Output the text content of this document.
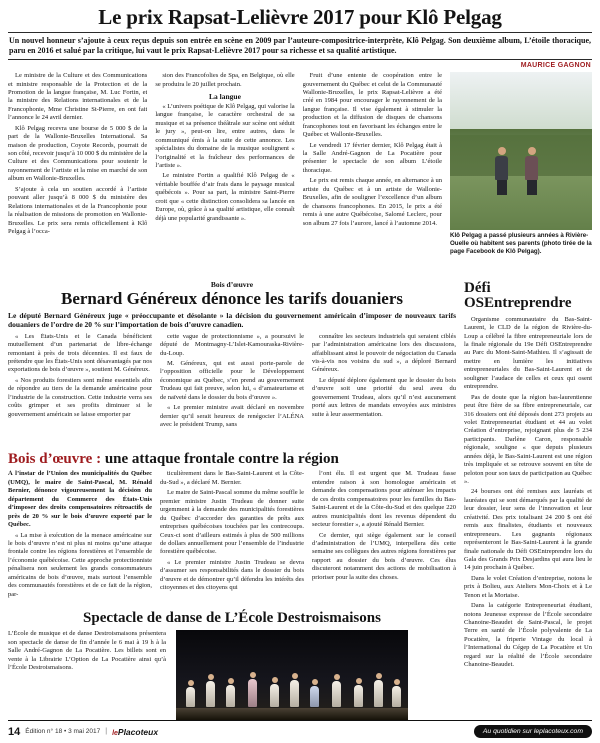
Le prix Rapsat-Lelièvre 2017 pour Klô Pelgag

Un nouvel honneur s’ajoute à ceux reçus depuis son entrée en scène en 2009 par l’auteure-compositrice-interprète, Klô Pelgag. Son deuxième album, L’étoile thoracique, paru en 2016 et salué par la critique, lui vaut le prix Rapsat-Lelièvre 2017 pour sa richesse et sa qualité artistique.

MAURICE GAGNON

Le ministre de la Culture et des Communications et ministre responsable de la Protection et de la Promotion de la langue française, M. Luc Fortin, et la ministre des Relations internationales et de la Francophonie, Mme Christine St-Pierre, en ont fait l’annonce le 24 avril dernier.

Klô Pelgag recevra une bourse de 5 000 $ de la part de la Wallonie-Bruxelles International. Sa maison de production, Coyote Records, pourrait de son côté, recevoir jusqu’à 10 000 $ du ministère de la Culture et des Communications pour soutenir le rayonnement de l’artiste et la mise en marché de son album en Wallonie-Bruxelles.

S’ajoute à cela un soutien accordé à l’artiste pouvant aller jusqu’à 8 000 $ du ministère des Relations internationales et de la Francophonie pour la réalisation de missions de promotion en Wallonie-Bruxelles. Le prix sera remis officiellement à Klô Pelgag à l’occa-

sion des Francofolies de Spa, en Belgique, où elle se produira le 20 juillet prochain.

La langue

« L’univers poétique de Klô Pelgag, qui valorise la langue française, le caractère orchestral de sa musique et sa présence théâtrale sur scène ont séduit le jury », peut-on lire, entre autres, dans le communiqué émis à la suite de cette annonce. Les spécialistes du domaine de la musique soulignent « l’originalité et la fraîcheur des performances de l’artiste ».

Le ministre Fortin a qualifié Klô Pelgag de « véritable bouffée d’air frais dans le paysage musical québécois ». Pour sa part, la ministre Saint-Pierre croit que « cette distinction consolidera sa lancée en Europe, où, grâce à sa qualité artistique, elle connaît déjà une popularité grandissante ».

Fruit d’une entente de coopération entre le gouvernement du Québec et celui de la Communauté Wallonie-Bruxelles, le prix Rapsat-Lelièvre a été créé en 1984 pour encourager le rayonnement de la langue française. Il vise également à stimuler la production et la diffusion de disques de chansons francophones tout en favorisant les échanges entre le Québec et Wallonie-Bruxelles.

Le vendredi 17 février dernier, Klô Pelgag était à la Salle André-Gagnon de La Pocatière pour présenter le spectacle de son album L’étoile thoracique.

Le prix est remis chaque année, en alternance à un artiste du Québec et à un artiste de Wallonie-Bruxelles, afin de souligner l’excellence d’un album de chansons francophones. En 2015, le prix a été remis à une autre Québécoise, Salomé Leclerc, pour son album 27 fois l’aurore, lancé à l’automne 2014.

Klô Pelgag a passé plusieurs années à Rivière-Ouelle où habitent ses parents (photo tirée de la page Facebook de Klô Pelgag).
Bois d’œuvre
Bernard Généreux dénonce les tarifs douaniers

Le député Bernard Généreux juge « préoccupante et désolante » la décision du gouvernement américain d’imposer de nouveaux tarifs douaniers de l’ordre de 20 % sur l’importation de bois d’œuvre canadien.

« Les États-Unis et le Canada bénéficient mutuellement d’un partenariat de libre-échange remontant à près de trois décennies. Il est faux de prétendre que les États-Unis sont désavantagés par nos exportations de bois d’œuvre », soutient M. Généreux.

« Nos produits forestiers sont même essentiels afin de répondre au tiers de la demande américaine pour l’industrie de la construction. Cette industrie verra ses coûts grimper et ses profits diminuer si le gouvernement américain se laisse emporter par

cette vague de protectionnisme », a poursuivi le député de Montmagny-L’Islet-Kamouraska-Rivière-du-Loup.

M. Généreux, qui est aussi porte-parole de l’opposition officielle pour le Développement économique au Québec, s’en prend au gouvernement Trudeau qui fait preuve, selon lui, « d’amateurisme et de naïveté dans le dossier du bois d’œuvre ».

« Le premier ministre avait déclaré en novembre dernier qu’il serait heureux de renégocier l’ALÉNA avec le président Trump, sans

connaître les secteurs industriels qui seraient ciblés par l’administration américaine lors des discussions, affaiblissant ainsi le pouvoir de négociation du Canada vis-à-vis nos voisins du sud », a déploré Bernard Généreux.

Le député déplore également que le dossier du bois d’œuvre soit une priorité du seul aveu du gouvernement Trudeau, alors qu’il n’est aucunement porté aux lettres de mandats envoyées aux ministres suite à leur assermentation.

Bois d’œuvre : une attaque frontale contre la région

À l’instar de l’Union des municipalités du Québec (UMQ), le maire de Saint-Pascal, M. Rénald Bernier, dénonce vigoureusement la décision du département du Commerce des États-Unis d’imposer des droits compensatoires rétroactifs de près de 20 % sur le bois d’œuvre exporté par le Québec.

« La mise à exécution de la menace américaine sur le bois d’œuvre n’est ni plus ni moins qu’une attaque frontale contre les régions forestières et l’ensemble de l’économie québécoise. Cette approche protectionniste pénalisera non seulement les grands consommateurs américains de bois d’œuvre, mais surtout l’ensemble des communautés forestières et de ce fait de la région, par-

ticulièrement dans le Bas-Saint-Laurent et la Côte-du-Sud », a déclaré M. Bernier.

Le maire de Saint-Pascal somme du même souffle le premier ministre Justin Trudeau de donner suite urgemment à la demande des municipalités forestières du Québec d’accorder des garanties de prêts aux entreprises québécoises touchées par les contrecoups. Ceux-ci sont d’ailleurs estimés à plus de 500 millions de dollars annuellement pour l’ensemble de l’industrie forestière québécoise.

« Le premier ministre Justin Trudeau se devra d’assumer ses responsabilités dans le dossier du bois d’œuvre et de démontrer qu’il défendra les intérêts des citoyennes et des citoyens qui

l’ont élu. Il est urgent que M. Trudeau fasse entendre raison à son homologue américain et demande des compensations pour atténuer les impacts de ces droits compensatoires pour les familles du Bas-Saint-Laurent et de la Côte-du-Sud et des quelque 220 autres municipalités dont les revenus dépendent du secteur forestier », a ajouté Rénald Bernier.

Ce dernier, qui siège également sur le conseil d’administration de l’UMQ, interpellera dès cette semaine ses collègues des autres régions forestières par rapport au dossier du bois d’œuvre. Ces élus discuteront notamment des actions de mobilisation à prioriser pour la suite des choses.

Spectacle de danse de L’École Destroismaisons

L’École de musique et de danse Destroismaisons présentera son spectacle de danse de fin d’année le 6 mai à 19 h à la Salle André-Gagnon de La Pocatière. Les billets sont en vente à la Librairie L’Option de La Pocatière ainsi qu’à l’École Destroismaisons.

Défi OSEntreprendre

Organisme communautaire du Bas-Saint-Laurent, le CLD de la région de Rivière-du-Loup a célébré la fibre entrepreneuriale lors de la finale régionale du 19e Défi OSEntreprendre au Parc du Mont-Saint-Mathieu. Il s’agissait de mettre en lumière les initiatives entrepreneuriales du Bas-Saint-Laurent et de souligner l’audace de celles et ceux qui osent entreprendre.

Pas de doute que la région bas-laurentienne peut être fière de sa fibre entrepreneuriale, car 316 dossiers ont été déposés dont 273 projets au volet Entrepreneuriat étudiant et 44 au volet Création d’entreprise, rejoignant plus de 5 234 participants. Darlène Caron, responsable régionale, souligne « que depuis plusieurs années déjà, le Bas-Saint-Laurent est une région très impliquée et se retrouve souvent en tête de peloton pour son taux de participation au Québec ».

24 bourses ont été remises aux lauréats et lauréates qui se sont démarqués par la qualité de leur dossier, leur sens de l’innovation et leur créativité. Des prix totalisant 24 200 $ ont été remis aux finalistes, étudiants et nouveaux entrepreneurs. Les gagnants régionaux représenteront le Bas-Saint-Laurent à la grande finale nationale du Défi OSEntreprendre lors du Gala des Grands Prix Desjardins qui aura lieu le 14 juin prochain à Québec.

Dans le volet Création d’entreprise, notons le prix à Bolieu, aux Ateliers Mon-Choix et à Le Tenon et la Mortaise.

Dans la catégorie Entrepreneuriat étudiant, notons Jeunesse expresse de l’École secondaire Chanoine-Beaudet de Saint-Pascal, le projet Terre en santé de l’École polyvalente de La Pocatière, la friperie Vintage du local à l’International du Cégep de La Pocatière et Un regard sur la réalité de l’École secondaire Chanoine-Beaudet.

14 Édition n° 18 • 3 mai 2017 | lePlacoteux	Au quotidien sur leplacoteux.com
